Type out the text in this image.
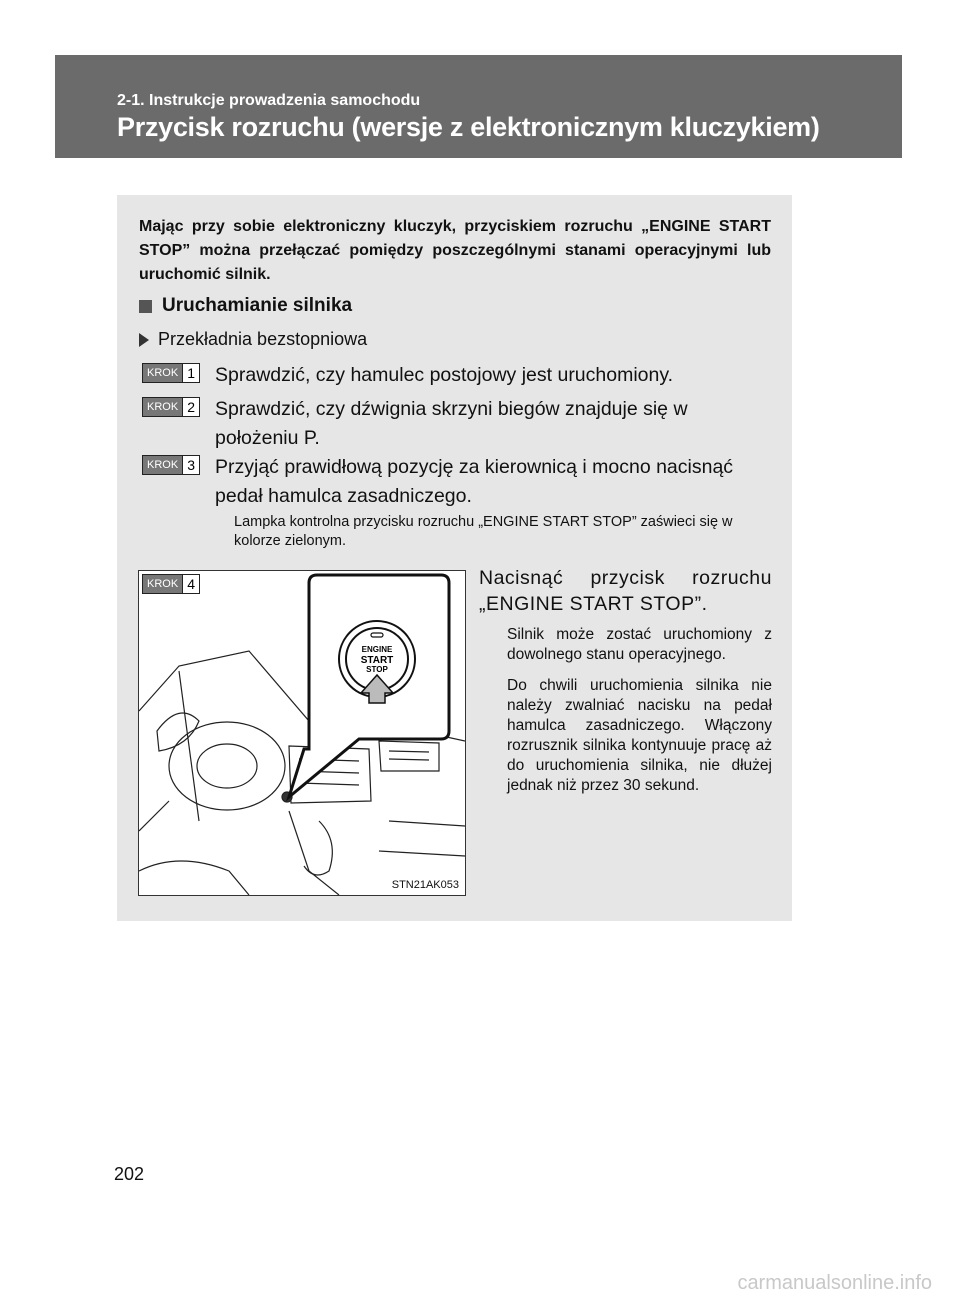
2-1. Instrukcje prowadzenia samochodu
Przycisk rozruchu (wersje z elektronicznym kluczykiem)
Mając przy sobie elektroniczny kluczyk, przyciskiem rozruchu „ENGINE START STOP” można przełączać pomiędzy poszczególnymi stanami operacyjnymi lub uruchomić silnik.
Uruchamianie silnika
Przekładnia bezstopniowa
KROK 1 Sprawdzić, czy hamulec postojowy jest uruchomiony.
KROK 2 Sprawdzić, czy dźwignia skrzyni biegów znajduje się w położeniu P.
KROK 3 Przyjąć prawidłową pozycję za kierownicą i mocno nacisnąć pedał hamulca zasadniczego.
Lampka kontrolna przycisku rozruchu „ENGINE START STOP” zaświeci się w kolorze zielonym.
KROK 4
ENGINE
START
STOP
STN21AK053
Nacisnąć przycisk rozruchu „ENGINE START STOP”.

Silnik może zostać uruchomiony z dowolnego stanu operacyjnego.

Do chwili uruchomienia silnika nie należy zwalniać nacisku na pedał hamulca zasadniczego. Włączony rozrusznik silnika kontynuuje pracę aż do uruchomienia silnika, nie dłużej jednak niż przez 30 sekund.

202
carmanualsonline.info
